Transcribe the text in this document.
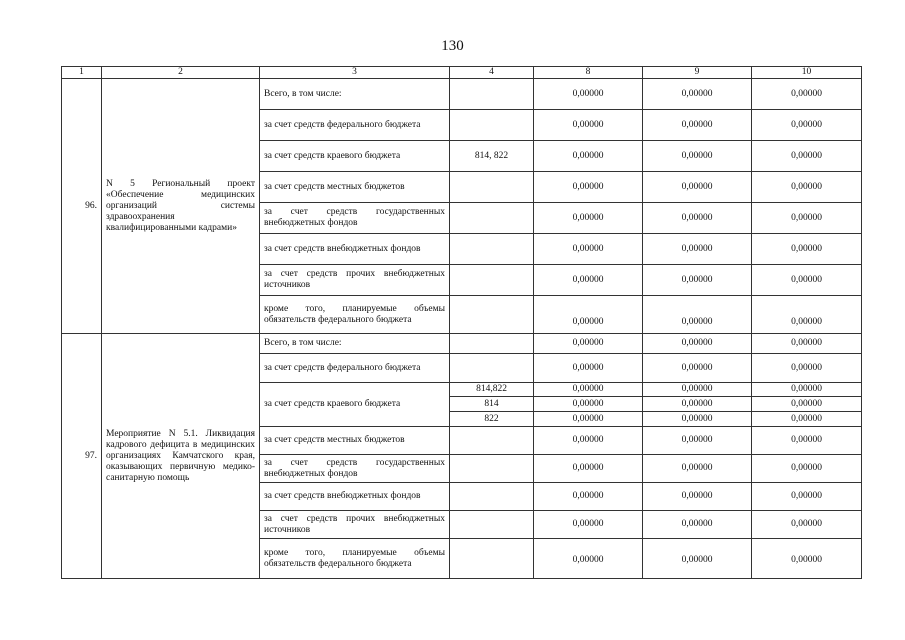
130
1	2	3	4	8	9	10
96.	N 5 Региональный проект «Обеспечение медицинских организаций системы здравоохранения квалифицированными кадрами»	Всего, в том числе:		0,00000	0,00000	0,00000
		за счет средств федерального бюджета		0,00000	0,00000	0,00000
		за счет средств краевого бюджета	814, 822	0,00000	0,00000	0,00000
		за счет средств местных бюджетов		0,00000	0,00000	0,00000
		за счет средств государственных внебюджетных фондов		0,00000	0,00000	0,00000
		за счет средств внебюджетных фондов		0,00000	0,00000	0,00000
		за счет средств прочих внебюджетных источников		0,00000	0,00000	0,00000
		кроме того, планируемые объемы обязательств федерального бюджета		0,00000	0,00000	0,00000
97.	Мероприятие N 5.1. Ликвидация кадрового дефицита в медицинских организациях Камчатского края, оказывающих первичную медико-санитарную помощь	Всего, в том числе:		0,00000	0,00000	0,00000
		за счет средств федерального бюджета		0,00000	0,00000	0,00000
		за счет средств краевого бюджета	814,822	0,00000	0,00000	0,00000
			814	0,00000	0,00000	0,00000
			822	0,00000	0,00000	0,00000
		за счет средств местных бюджетов		0,00000	0,00000	0,00000
		за счет средств государственных внебюджетных фондов		0,00000	0,00000	0,00000
		за счет средств внебюджетных фондов		0,00000	0,00000	0,00000
		за счет средств прочих внебюджетных источников		0,00000	0,00000	0,00000
		кроме того, планируемые объемы обязательств федерального бюджета		0,00000	0,00000	0,00000
